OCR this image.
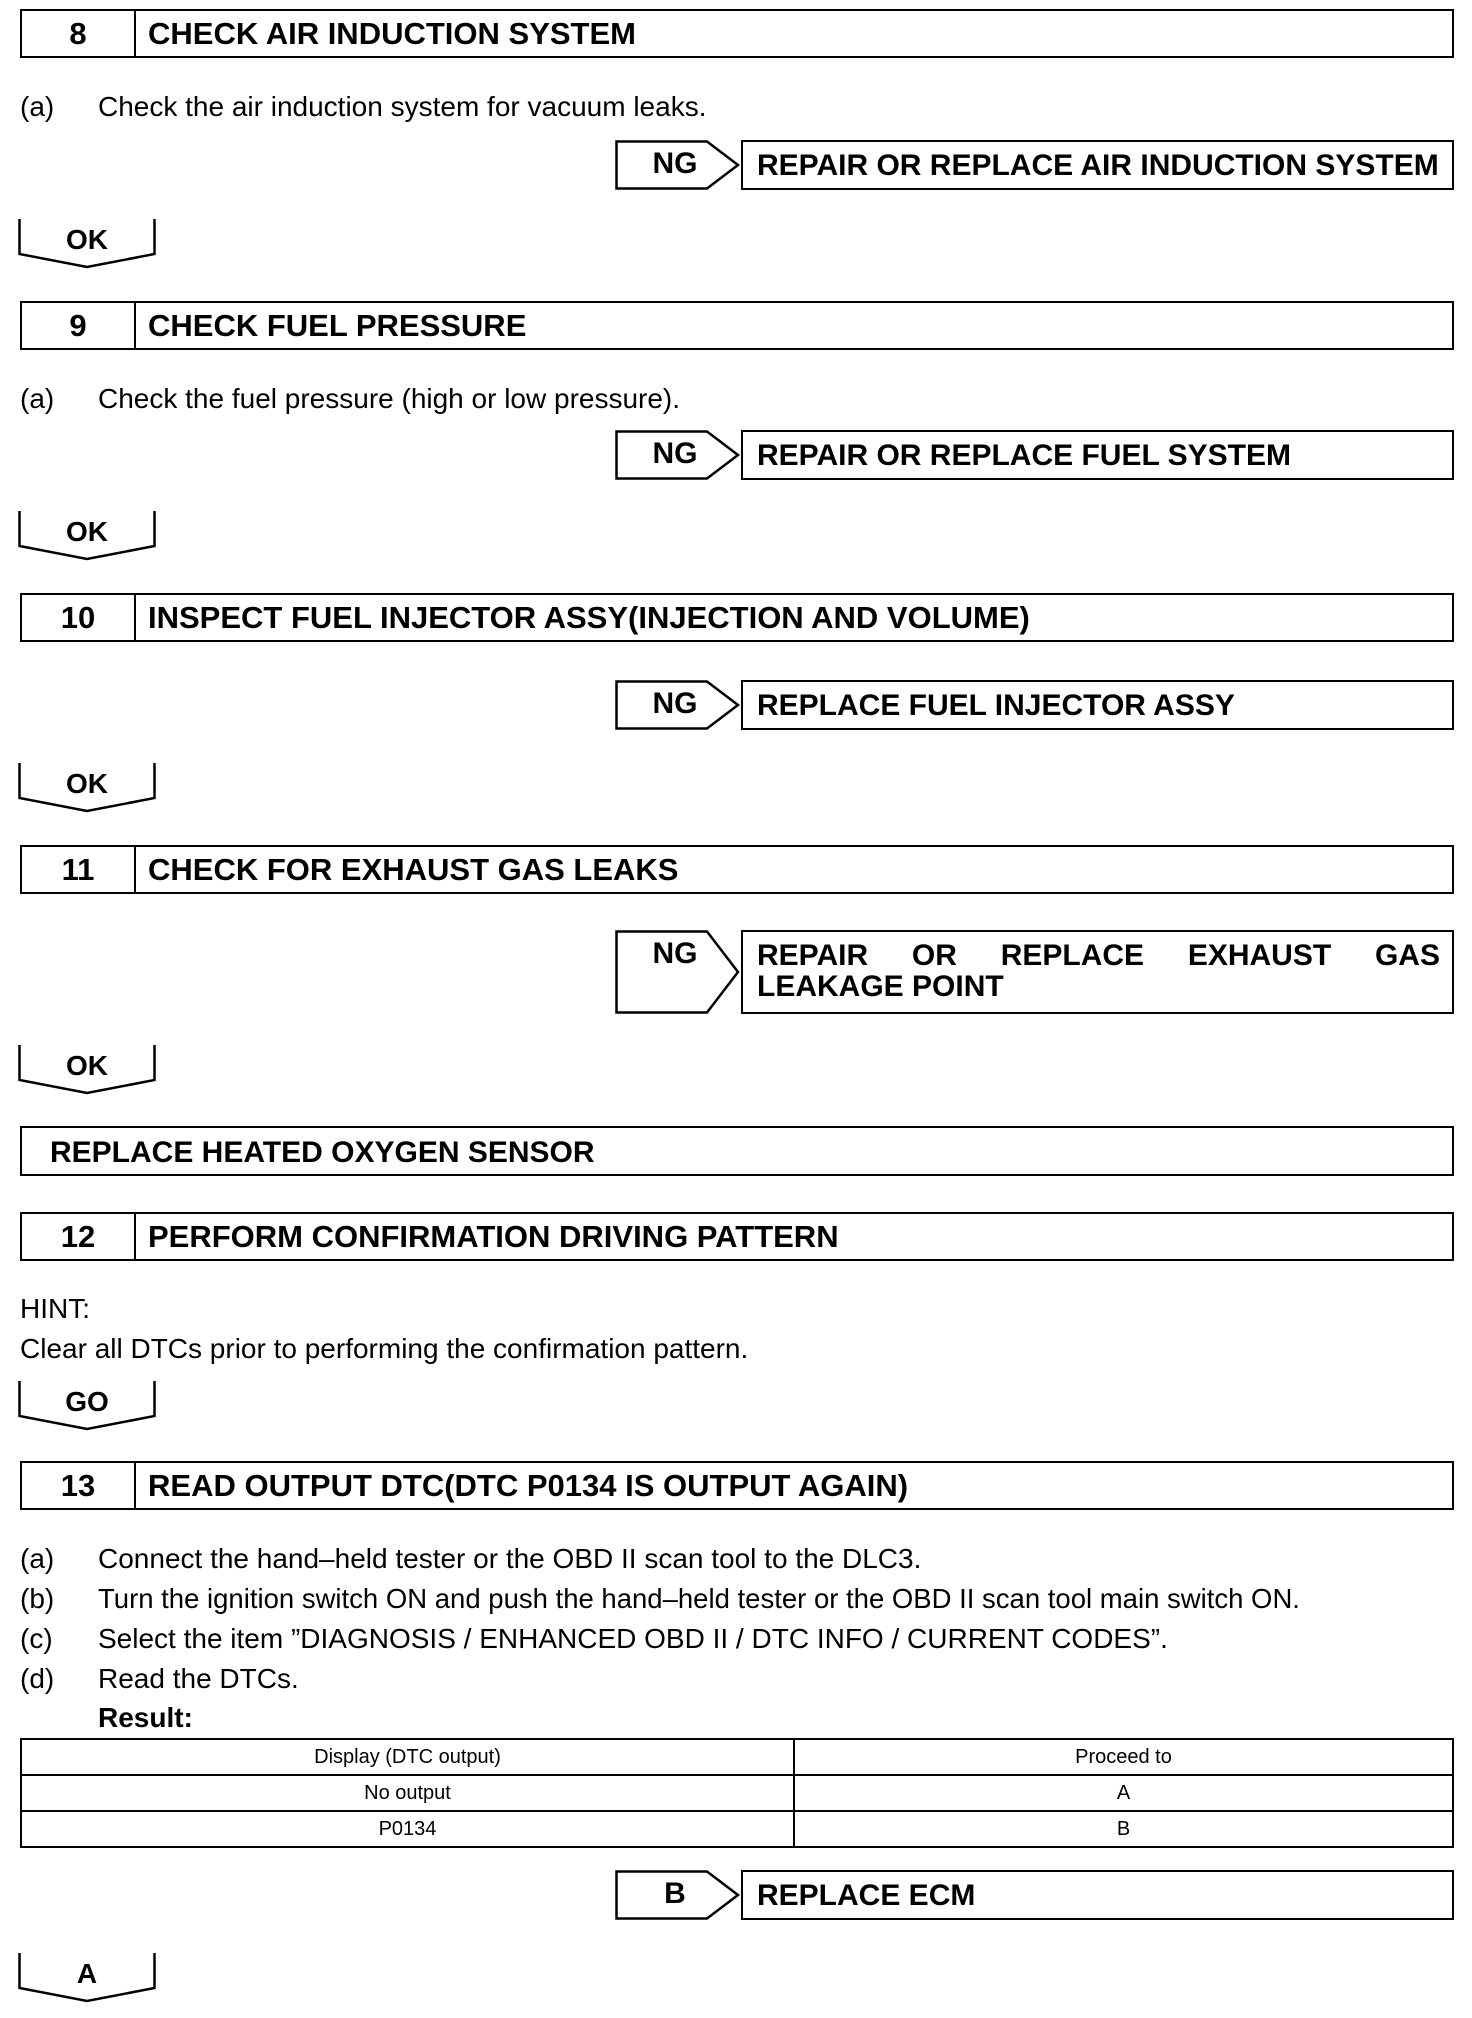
8	CHECK AIR INDUCTION SYSTEM
(a) Check the air induction system for vacuum leaks.
NG	REPAIR OR REPLACE AIR INDUCTION SYSTEM
OK
9	CHECK FUEL PRESSURE
(a) Check the fuel pressure (high or low pressure).
NG	REPAIR OR REPLACE FUEL SYSTEM
OK
10	INSPECT FUEL INJECTOR ASSY(INJECTION AND VOLUME)
NG	REPLACE FUEL INJECTOR ASSY
OK
11	CHECK FOR EXHAUST GAS LEAKS
NG	REPAIR OR REPLACE EXHAUST GAS
LEAKAGE POINT
OK
REPLACE HEATED OXYGEN SENSOR
12	PERFORM CONFIRMATION DRIVING PATTERN
HINT:
Clear all DTCs prior to performing the confirmation pattern.
GO
13	READ OUTPUT DTC(DTC P0134 IS OUTPUT AGAIN)
(a) Connect the hand–held tester or the OBD II scan tool to the DLC3.
(b) Turn the ignition switch ON and push the hand–held tester or the OBD II scan tool main switch ON.
(c) Select the item ”DIAGNOSIS / ENHANCED OBD II / DTC INFO / CURRENT CODES”.
(d) Read the DTCs.
Result:
Display (DTC output)	Proceed to
No output	A
P0134	B
B	REPLACE ECM
A
